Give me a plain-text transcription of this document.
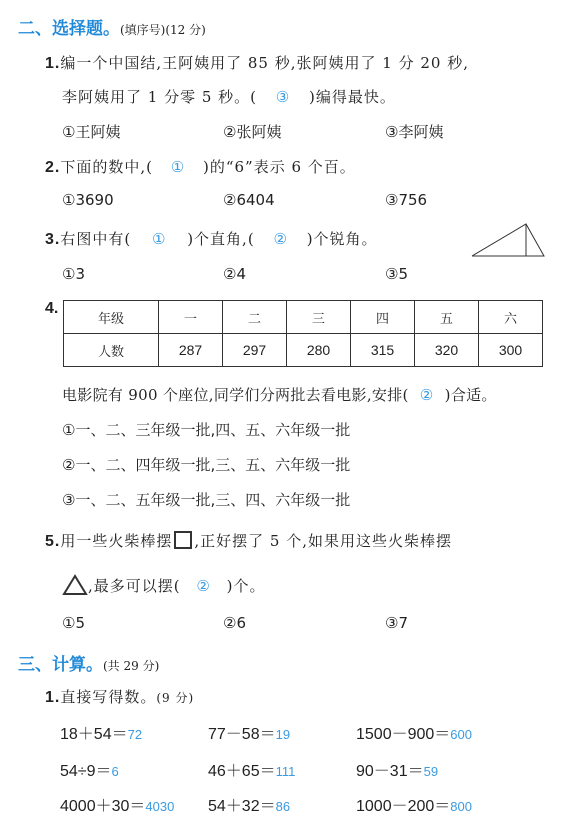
二、选择题。(填序号)(12 分)
1.编一个中国结,王阿姨用了 85 秒,张阿姨用了 1 分 20 秒,
李阿姨用了 1 分零 5 秒。( ③ )编得最快。
①王阿姨	②张阿姨	③李阿姨
2.下面的数中,( ① )的“6”表示 6 个百。
①3690	②6404	③756
3.右图中有( ① )个直角,( ② )个锐角。
①3	②4	③5
4.
年级	一	二	三	四	五	六
人数	287	297	280	315	320	300
电影院有 900 个座位,同学们分两批去看电影,安排( ② )合适。
①一、二、三年级一批,四、五、六年级一批
②一、二、四年级一批,三、五、六年级一批
③一、二、五年级一批,三、四、六年级一批
5.用一些火柴棒摆 ,正好摆了 5 个,如果用这些火柴棒摆
,最多可以摆( ② )个。
①5	②6	③7
三、计算。(共 29 分)
1.直接写得数。(9 分)
18＋54＝72	77－58＝19	1500－900＝600
54÷9＝6	46＋65＝111	90－31＝59
4000＋30＝4030 54＋32＝86	1000－200＝800
